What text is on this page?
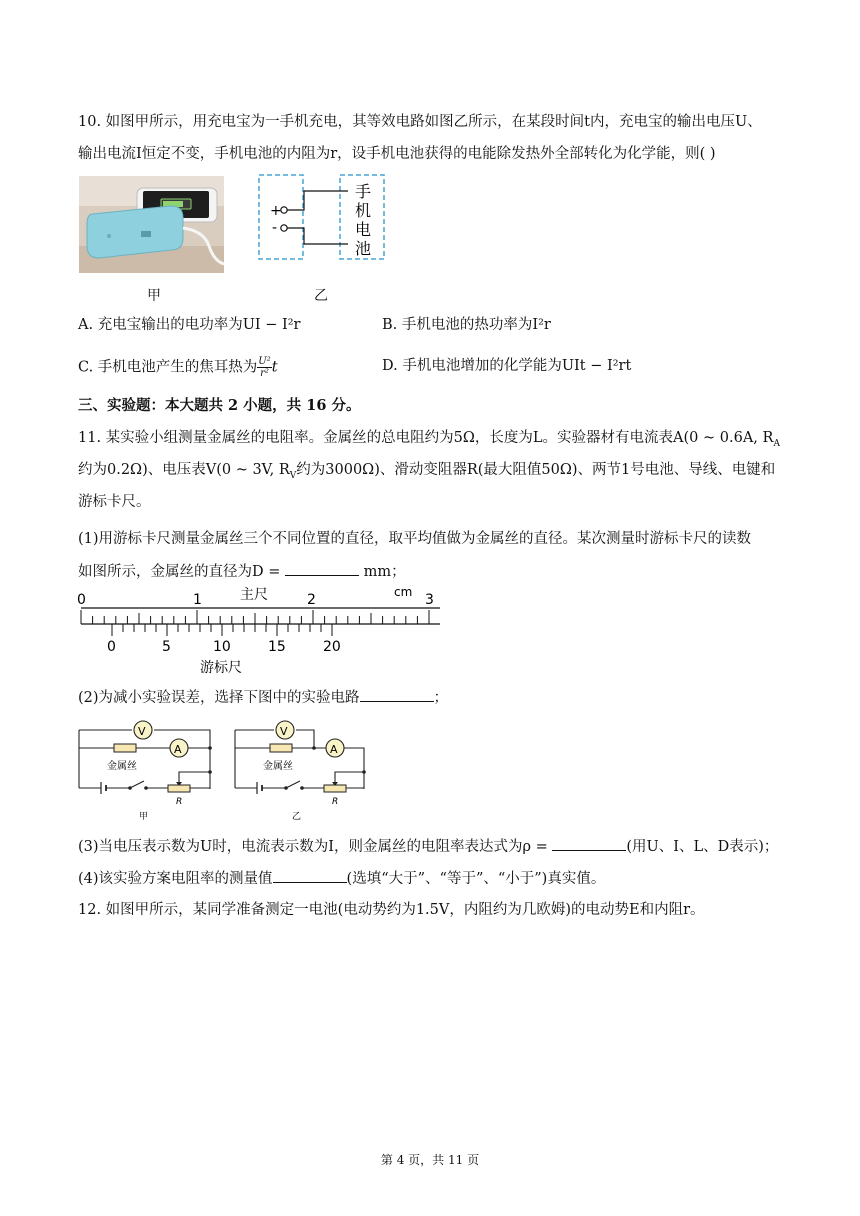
10. 如图甲所示，用充电宝为一手机充电，其等效电路如图乙所示，在某段时间t内，充电宝的输出电压U、
输出电流I恒定不变，手机电池的内阻为r，设手机电池获得的电能除发热外全部转化为化学能，则( )
+
-
手
机
电
池
甲	乙
A. 充电宝输出的电功率为UI − I²r	B. 手机电池的热功率为I²r
C. 手机电池产生的焦耳热为 $\frac{\text{U²}}{\text{r²}}$ t	D. 手机电池增加的化学能为UIt − I²rt
三、实验题：本大题共 2 小题，共 16 分。
11. 某实验小组测量金属丝的电阻率。金属丝的总电阻约为5Ω，长度为L。实验器材有电流表A(0 ~ 0.6A, $R_A$
约为0.2Ω)、电压表V(0 ~ 3V, $R_V$约为3000Ω)、滑动变阻器R(最大阻值50Ω)、两节1号电池、导线、电键和
游标卡尺。
(1)用游标卡尺测量金属丝三个不同位置的直径，取平均值做为金属丝的直径。某次测量时游标卡尺的读数
如图所示，金属丝的直径为D =	mm；
主尺	cm
0	1	2	3
0	5	10	15	20
游标尺
(2)为减小实验误差，选择下图中的实验电路	；
V
A
金属丝
R
甲
V
A
金属丝
R
乙
(3)当电压表示数为U时，电流表示数为I，则金属丝的电阻率表达式为ρ =	(用U、I、L、D表示)；
(4)该实验方案电阻率的测量值	(选填“大于”、“等于”、“小于”)真实值。
12. 如图甲所示，某同学准备测定一电池(电动势约为1.5V，内阻约为几欧姆)的电动势E和内阻r。
第 4 页，共 11 页
